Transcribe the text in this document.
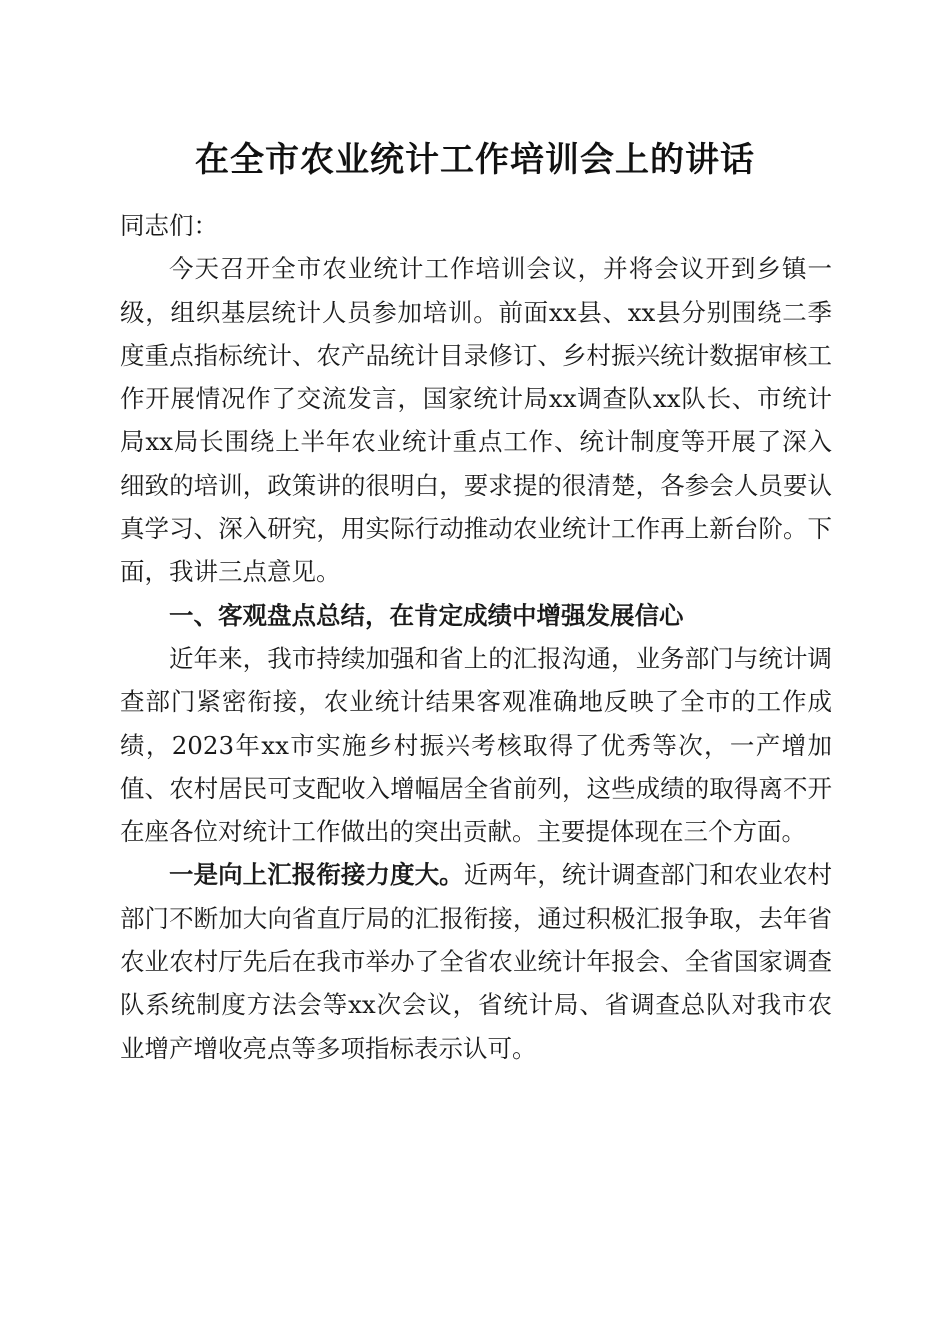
在全市农业统计工作培训会上的讲话

同志们：

今天召开全市农业统计工作培训会议，并将会议开到乡镇一级，组织基层统计人员参加培训。前面xx县、xx县分别围绕二季度重点指标统计、农产品统计目录修订、乡村振兴统计数据审核工作开展情况作了交流发言，国家统计局xx调查队xx队长、市统计局xx局长围绕上半年农业统计重点工作、统计制度等开展了深入细致的培训，政策讲的很明白，要求提的很清楚，各参会人员要认真学习、深入研究，用实际行动推动农业统计工作再上新台阶。下面，我讲三点意见。

一、客观盘点总结，在肯定成绩中增强发展信心

近年来，我市持续加强和省上的汇报沟通，业务部门与统计调查部门紧密衔接，农业统计结果客观准确地反映了全市的工作成绩，2023年xx市实施乡村振兴考核取得了优秀等次，一产增加值、农村居民可支配收入增幅居全省前列，这些成绩的取得离不开在座各位对统计工作做出的突出贡献。主要提体现在三个方面。

一是向上汇报衔接力度大。近两年，统计调查部门和农业农村部门不断加大向省直厅局的汇报衔接，通过积极汇报争取，去年省农业农村厅先后在我市举办了全省农业统计年报会、全省国家调查队系统制度方法会等xx次会议，省统计局、省调查总队对我市农业增产增收亮点等多项指标表示认可。
